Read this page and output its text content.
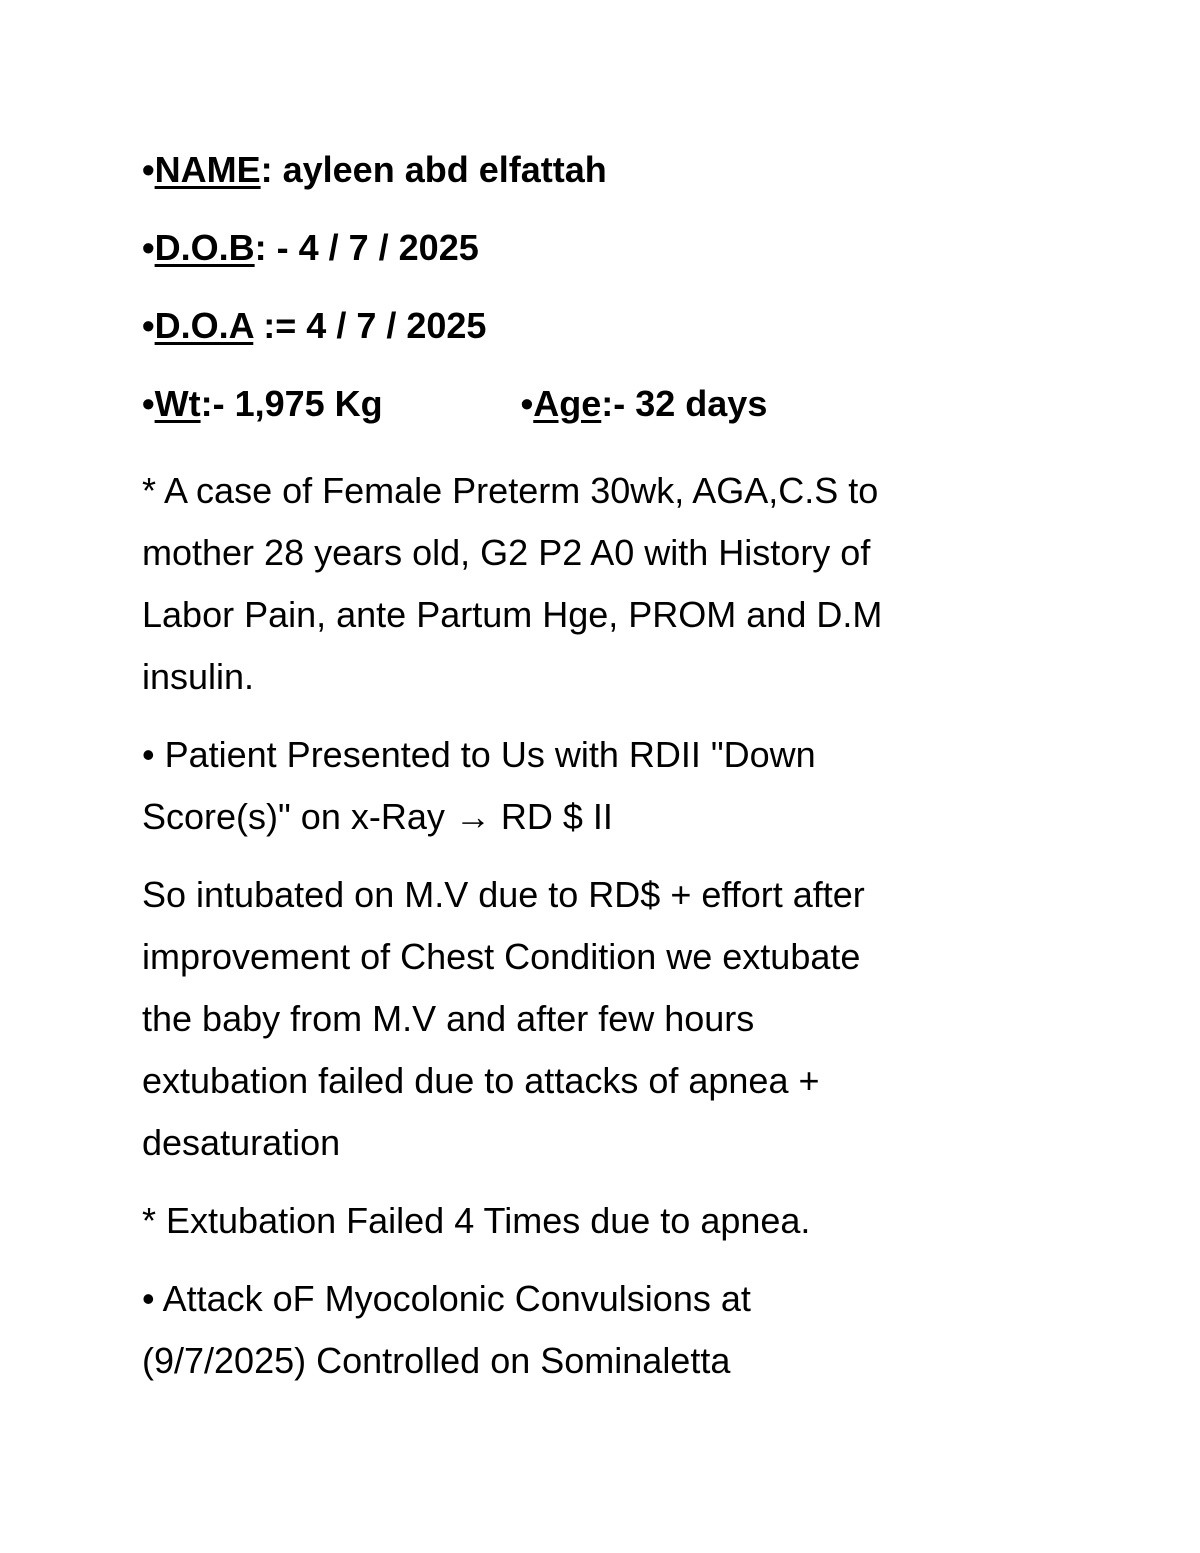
•NAME: ayleen abd elfattah
•D.O.B: - 4 / 7 / 2025
•D.O.A := 4 / 7 / 2025
•Wt:- 1,975 Kg	•Age:- 32 days
* A case of Female Preterm 30wk, AGA,C.S to
mother 28 years old, G2 P2 A0 with History of
Labor Pain, ante Partum Hge, PROM and D.M
insulin.
• Patient Presented to Us with RDII "Down
Score(s)" on x-Ray → RD $ II
So intubated on M.V due to RD$ + effort after
improvement of Chest Condition we extubate
the baby from M.V and after few hours
extubation failed due to attacks of apnea +
desaturation
* Extubation Failed 4 Times due to apnea.
• Attack oF Myocolonic Convulsions at
(9/7/2025) Controlled on Sominaletta
